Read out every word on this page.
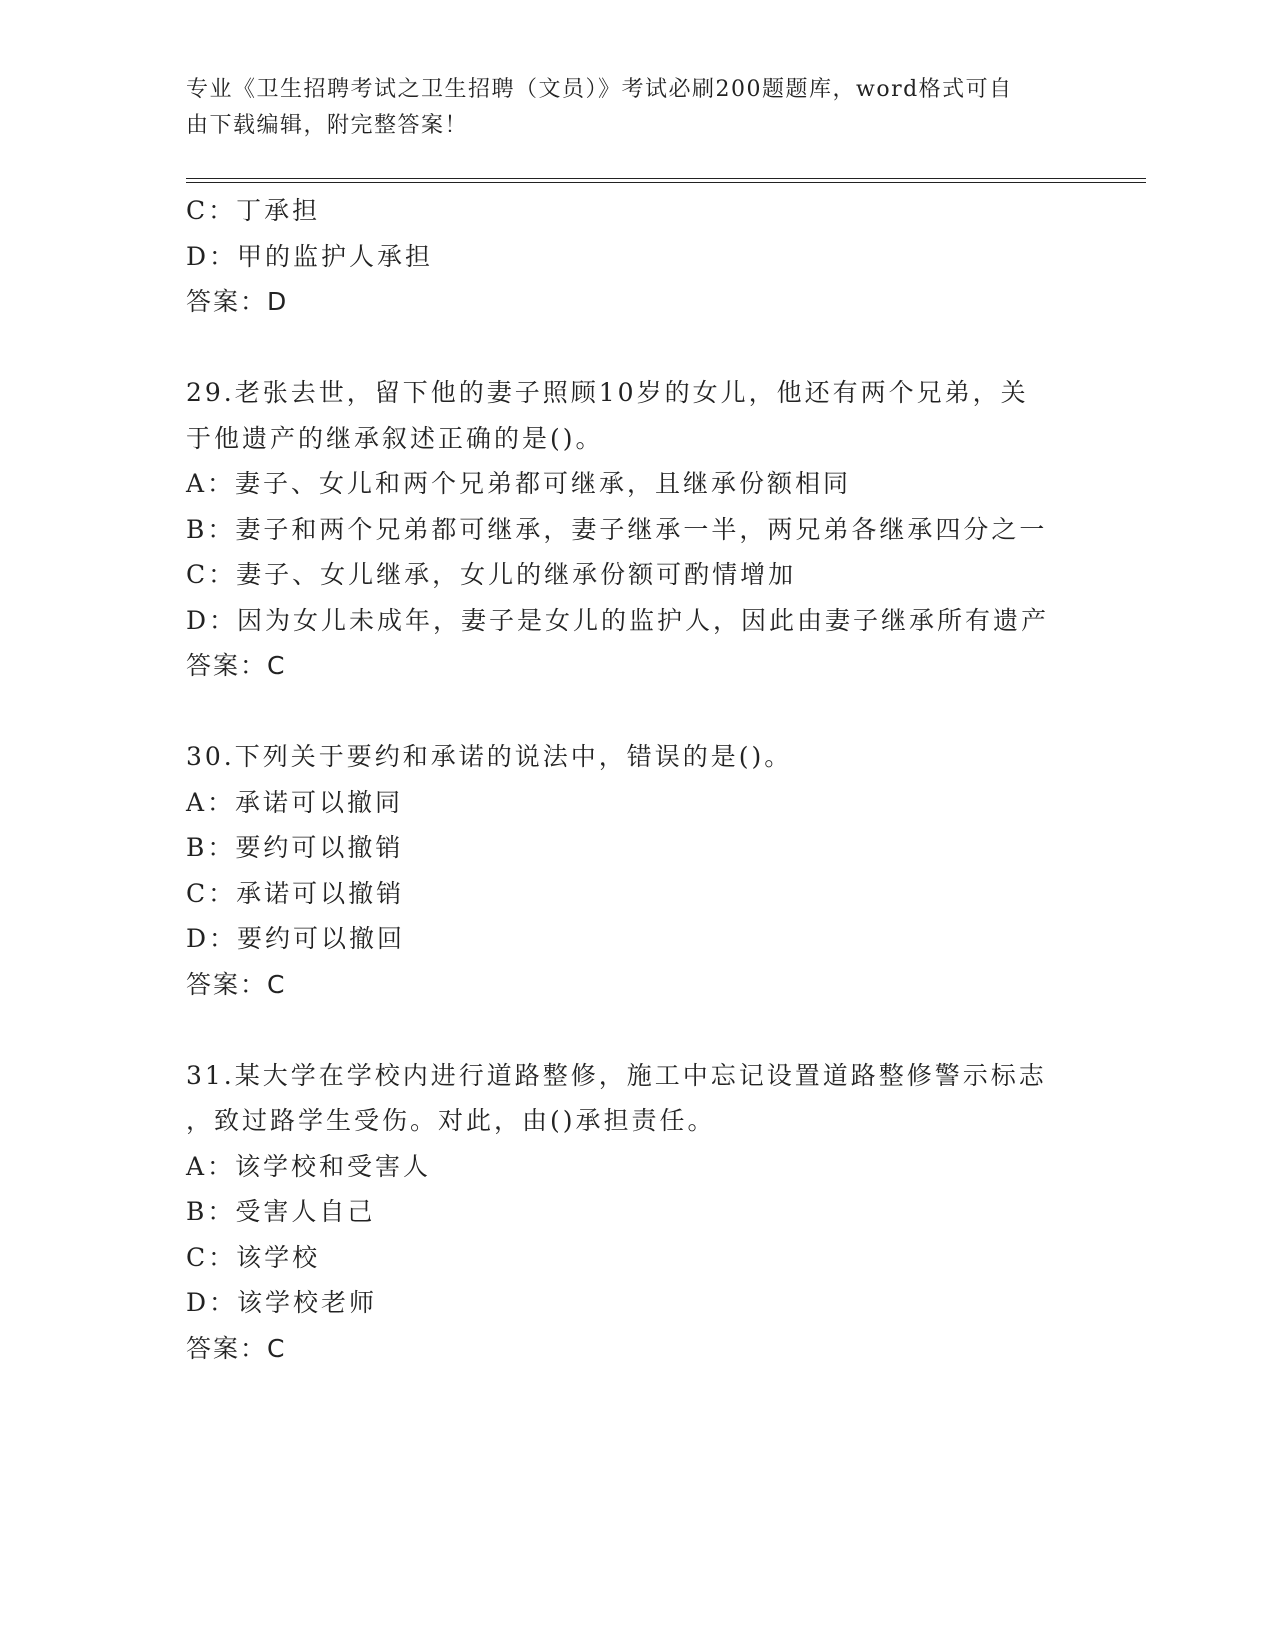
专业《卫生招聘考试之卫生招聘（文员）》考试必刷200题题库，word格式可自
由下载编辑，附完整答案！
C：丁承担
D：甲的监护人承担
答案：D
29.老张去世，留下他的妻子照顾10岁的女儿，他还有两个兄弟，关
于他遗产的继承叙述正确的是()。
A：妻子、女儿和两个兄弟都可继承，且继承份额相同
B：妻子和两个兄弟都可继承，妻子继承一半，两兄弟各继承四分之一
C：妻子、女儿继承，女儿的继承份额可酌情增加
D：因为女儿未成年，妻子是女儿的监护人，因此由妻子继承所有遗产
答案：C
30.下列关于要约和承诺的说法中，错误的是()。
A：承诺可以撤同
B：要约可以撤销
C：承诺可以撤销
D：要约可以撤回
答案：C
31.某大学在学校内进行道路整修，施工中忘记设置道路整修警示标志
，致过路学生受伤。对此，由()承担责任。
A：该学校和受害人
B：受害人自己
C：该学校
D：该学校老师
答案：C
